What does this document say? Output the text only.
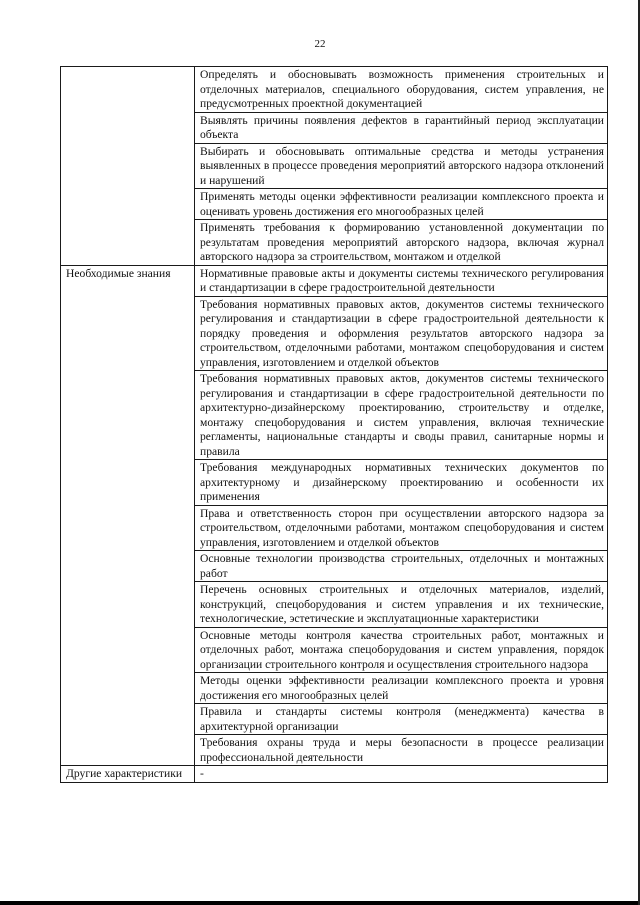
22
	Определять и обосновывать возможность применения строительных и отделочных материалов, специального оборудования, систем управления, не предусмотренных проектной документацией
	Выявлять причины появления дефектов в гарантийный период эксплуатации объекта
	Выбирать и обосновывать оптимальные средства и методы устранения выявленных в процессе проведения мероприятий авторского надзора отклонений и нарушений
	Применять методы оценки эффективности реализации комплексного проекта и оценивать уровень достижения его многообразных целей
	Применять требования к формированию установленной документации по результатам проведения мероприятий авторского надзора, включая журнал авторского надзора за строительством, монтажом и отделкой
Необходимые знания	Нормативные правовые акты и документы системы технического регулирования и стандартизации в сфере градостроительной деятельности
	Требования нормативных правовых актов, документов системы технического регулирования и стандартизации в сфере градостроительной деятельности к порядку проведения и оформления результатов авторского надзора за строительством, отделочными работами, монтажом спецоборудования и систем управления, изготовлением и отделкой объектов
	Требования нормативных правовых актов, документов системы технического регулирования и стандартизации в сфере градостроительной деятельности по архитектурно-дизайнерскому проектированию, строительству и отделке, монтажу спецоборудования и систем управления, включая технические регламенты, национальные стандарты и своды правил, санитарные нормы и правила
	Требования международных нормативных технических документов по архитектурному и дизайнерскому проектированию и особенности их применения
	Права и ответственность сторон при осуществлении авторского надзора за строительством, отделочными работами, монтажом спецоборудования и систем управления, изготовлением и отделкой объектов
	Основные технологии производства строительных, отделочных и монтажных работ
	Перечень основных строительных и отделочных материалов, изделий, конструкций, спецоборудования и систем управления и их технические, технологические, эстетические и эксплуатационные характеристики
	Основные методы контроля качества строительных работ, монтажных и отделочных работ, монтажа спецоборудования и систем управления, порядок организации строительного контроля и осуществления строительного надзора
	Методы оценки эффективности реализации комплексного проекта и уровня достижения его многообразных целей
	Правила и стандарты системы контроля (менеджмента) качества в архитектурной организации
	Требования охраны труда и меры безопасности в процессе реализации профессиональной деятельности
Другие характеристики	-
